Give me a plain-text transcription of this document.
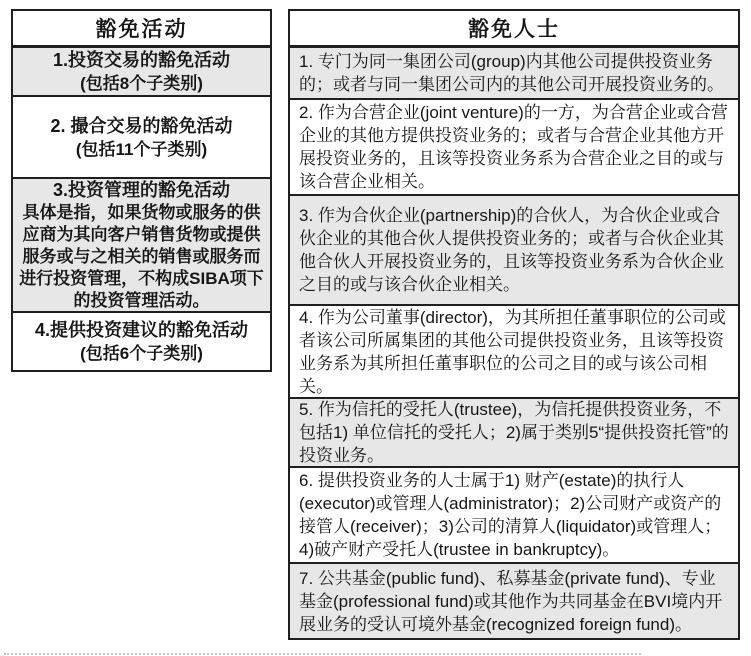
豁免活动
1.投资交易的豁免活动
(包括8个子类别)
2. 撮合交易的豁免活动
(包括11个子类别)
3.投资管理的豁免活动

具体是指，如果货物或服务的供应商为其向客户销售货物或提供服务或与之相关的销售或服务而进行投资管理，不构成SIBA项下的投资管理活动。

4.提供投资建议的豁免活动
(包括6个子类别)
豁免人士

1. 专门为同一集团公司(group)内其他公司提供投资业务的；或者与同一集团公司内的其他公司开展投资业务的。

2. 作为合营企业(joint venture)的一方，为合营企业或合营企业的其他方提供投资业务的；或者与合营企业其他方开展投资业务的，且该等投资业务系为合营企业之目的或与该合营企业相关。

3. 作为合伙企业(partnership)的合伙人，为合伙企业或合伙企业的其他合伙人提供投资业务的；或者与合伙企业其他合伙人开展投资业务的，且该等投资业务系为合伙企业之目的或与该合伙企业相关。

4. 作为公司董事(director)，为其所担任董事职位的公司或者该公司所属集团的其他公司提供投资业务，且该等投资业务系为其所担任董事职位的公司之目的或与该公司相关。

5. 作为信托的受托人(trustee)，为信托提供投资业务，不包括1) 单位信托的受托人；2)属于类别5“提供投资托管”的投资业务。

6. 提供投资业务的人士属于1) 财产(estate)的执行人(executor)或管理人(administrator)；2)公司财产或资产的接管人(receiver)；3)公司的清算人(liquidator)或管理人；4)破产财产受托人(trustee in bankruptcy)。

7. 公共基金(public fund)、私募基金(private fund)、专业基金(professional fund)或其他作为共同基金在BVI境内开展业务的受认可境外基金(recognized foreign fund)。
